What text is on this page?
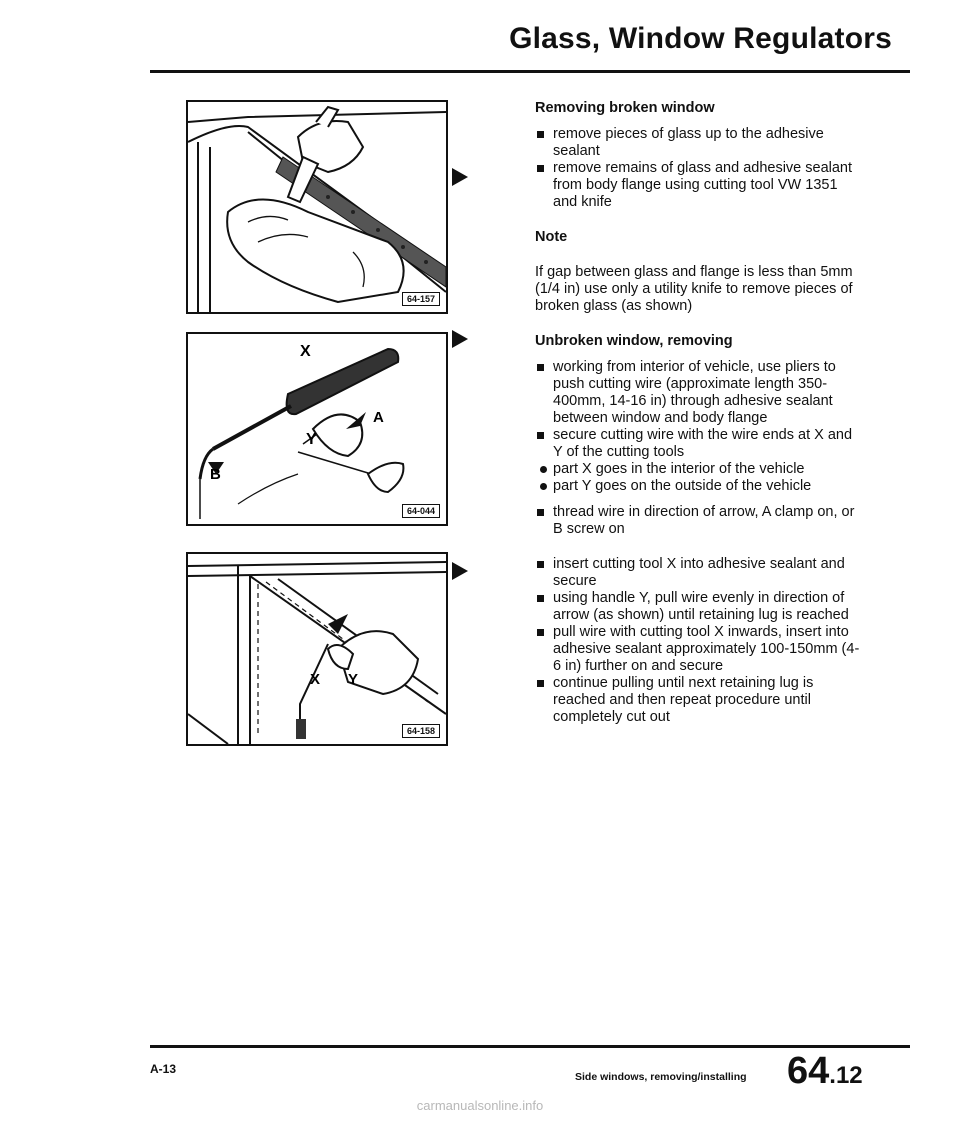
Glass, Window Regulators
64-157
X
Y
A
B
64-044
X Y
64-158

Removing broken window

remove pieces of glass up to the adhesive sealant

remove remains of glass and adhesive sealant from body flange using cutting tool VW 1351 and knife

Note

If gap between glass and flange is less than 5mm (1/4 in) use only a utility knife to remove pieces of broken glass (as shown)

Unbroken window, removing

working from interior of vehicle, use pliers to push cutting wire (approximate length 350-400mm, 14-16 in) through adhesive sealant between window and body flange

secure cutting wire with the wire ends at X and Y of the cutting tools

part X goes in the interior of the vehicle

part Y goes on the outside of the vehicle

thread wire in direction of arrow, A clamp on, or B screw on

insert cutting tool X into adhesive sealant and secure

using handle Y, pull wire evenly in direction of arrow (as shown) until retaining lug is reached

pull wire with cutting tool X inwards, insert into adhesive sealant approximately 100-150mm (4-6 in) further on and secure

continue pulling until next retaining lug is reached and then repeat procedure until completely cut out

A-13
Side windows, removing/installing 64.12
carmanualsonline.info
